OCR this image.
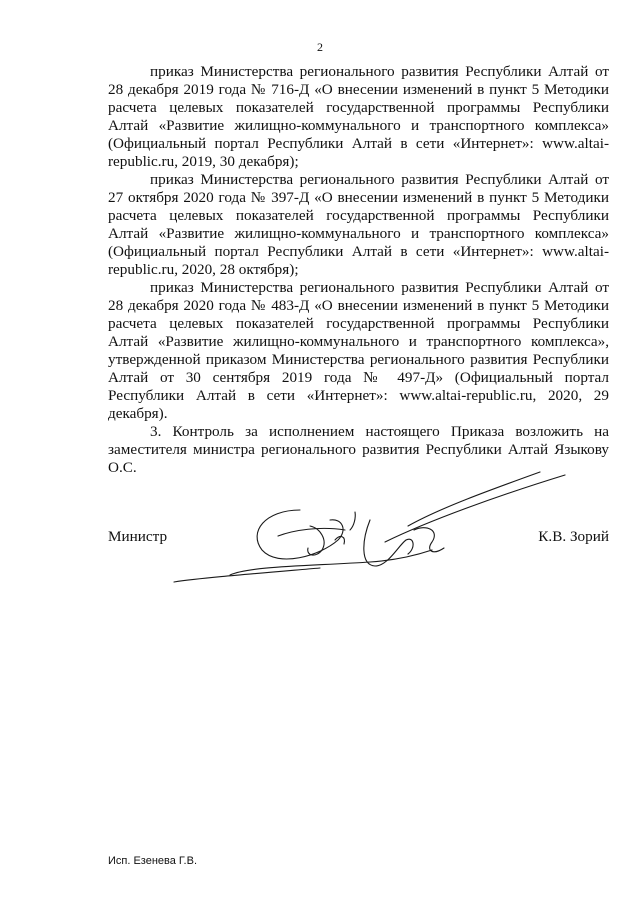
2

приказ Министерства регионального развития Республики Алтай от 28 декабря 2019 года № 716-Д «О внесении изменений в пункт 5 Методики расчета целевых показателей государственной программы Республики Алтай «Развитие жилищно-коммунального и транспортного комплекса» (Официальный портал Республики Алтай в сети «Интернет»: www.altai-republic.ru, 2019, 30 декабря);

приказ Министерства регионального развития Республики Алтай от 27 октября 2020 года № 397-Д «О внесении изменений в пункт 5 Методики расчета целевых показателей государственной программы Республики Алтай «Развитие жилищно-коммунального и транспортного комплекса» (Официальный портал Республики Алтай в сети «Интернет»: www.altai-republic.ru, 2020, 28 октября);

приказ Министерства регионального развития Республики Алтай от 28 декабря 2020 года № 483-Д «О внесении изменений в пункт 5 Методики расчета целевых показателей государственной программы Республики Алтай «Развитие жилищно-коммунального и транспортного комплекса», утвержденной приказом Министерства регионального развития Республики Алтай от 30 сентября 2019 года № 497-Д» (Официальный портал Республики Алтай в сети «Интернет»: www.altai-republic.ru, 2020, 29 декабря).

3. Контроль за исполнением настоящего Приказа возложить на заместителя министра регионального развития Республики Алтай Языкову О.С.

Министр	К.В. Зорий
Исп. Езенева Г.В.
